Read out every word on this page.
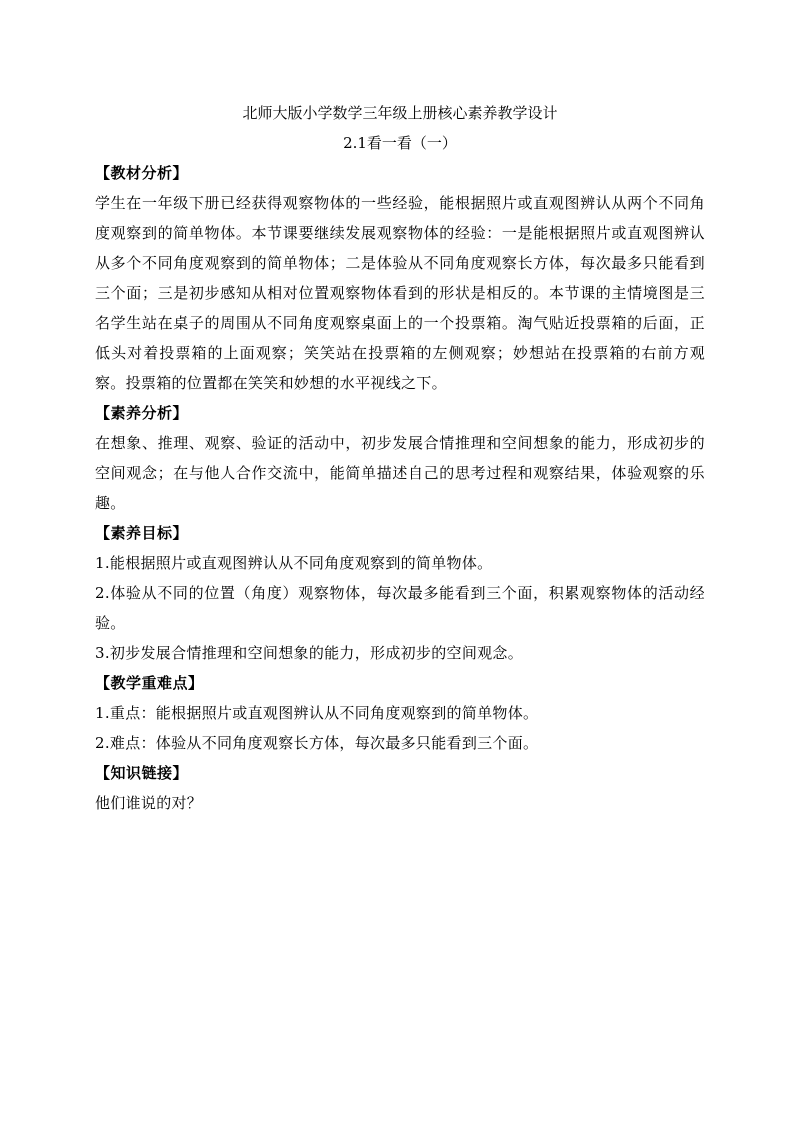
北师大版小学数学三年级上册核心素养教学设计

2.1看一看（一）

【教材分析】

学生在一年级下册已经获得观察物体的一些经验，能根据照片或直观图辨认从两个不同角度观察到的简单物体。本节课要继续发展观察物体的经验：一是能根据照片或直观图辨认从多个不同角度观察到的简单物体；二是体验从不同角度观察长方体，每次最多只能看到三个面；三是初步感知从相对位置观察物体看到的形状是相反的。本节课的主情境图是三名学生站在桌子的周围从不同角度观察桌面上的一个投票箱。淘气贴近投票箱的后面，正低头对着投票箱的上面观察；笑笑站在投票箱的左侧观察；妙想站在投票箱的右前方观察。投票箱的位置都在笑笑和妙想的水平视线之下。

【素养分析】

在想象、推理、观察、验证的活动中，初步发展合情推理和空间想象的能力，形成初步的空间观念；在与他人合作交流中，能简单描述自己的思考过程和观察结果，体验观察的乐趣。

【素养目标】

1.能根据照片或直观图辨认从不同角度观察到的简单物体。

2.体验从不同的位置（角度）观察物体，每次最多能看到三个面，积累观察物体的活动经验。

3.初步发展合情推理和空间想象的能力，形成初步的空间观念。

【教学重难点】

1.重点：能根据照片或直观图辨认从不同角度观察到的简单物体。

2.难点：体验从不同角度观察长方体，每次最多只能看到三个面。

【知识链接】

他们谁说的对？
